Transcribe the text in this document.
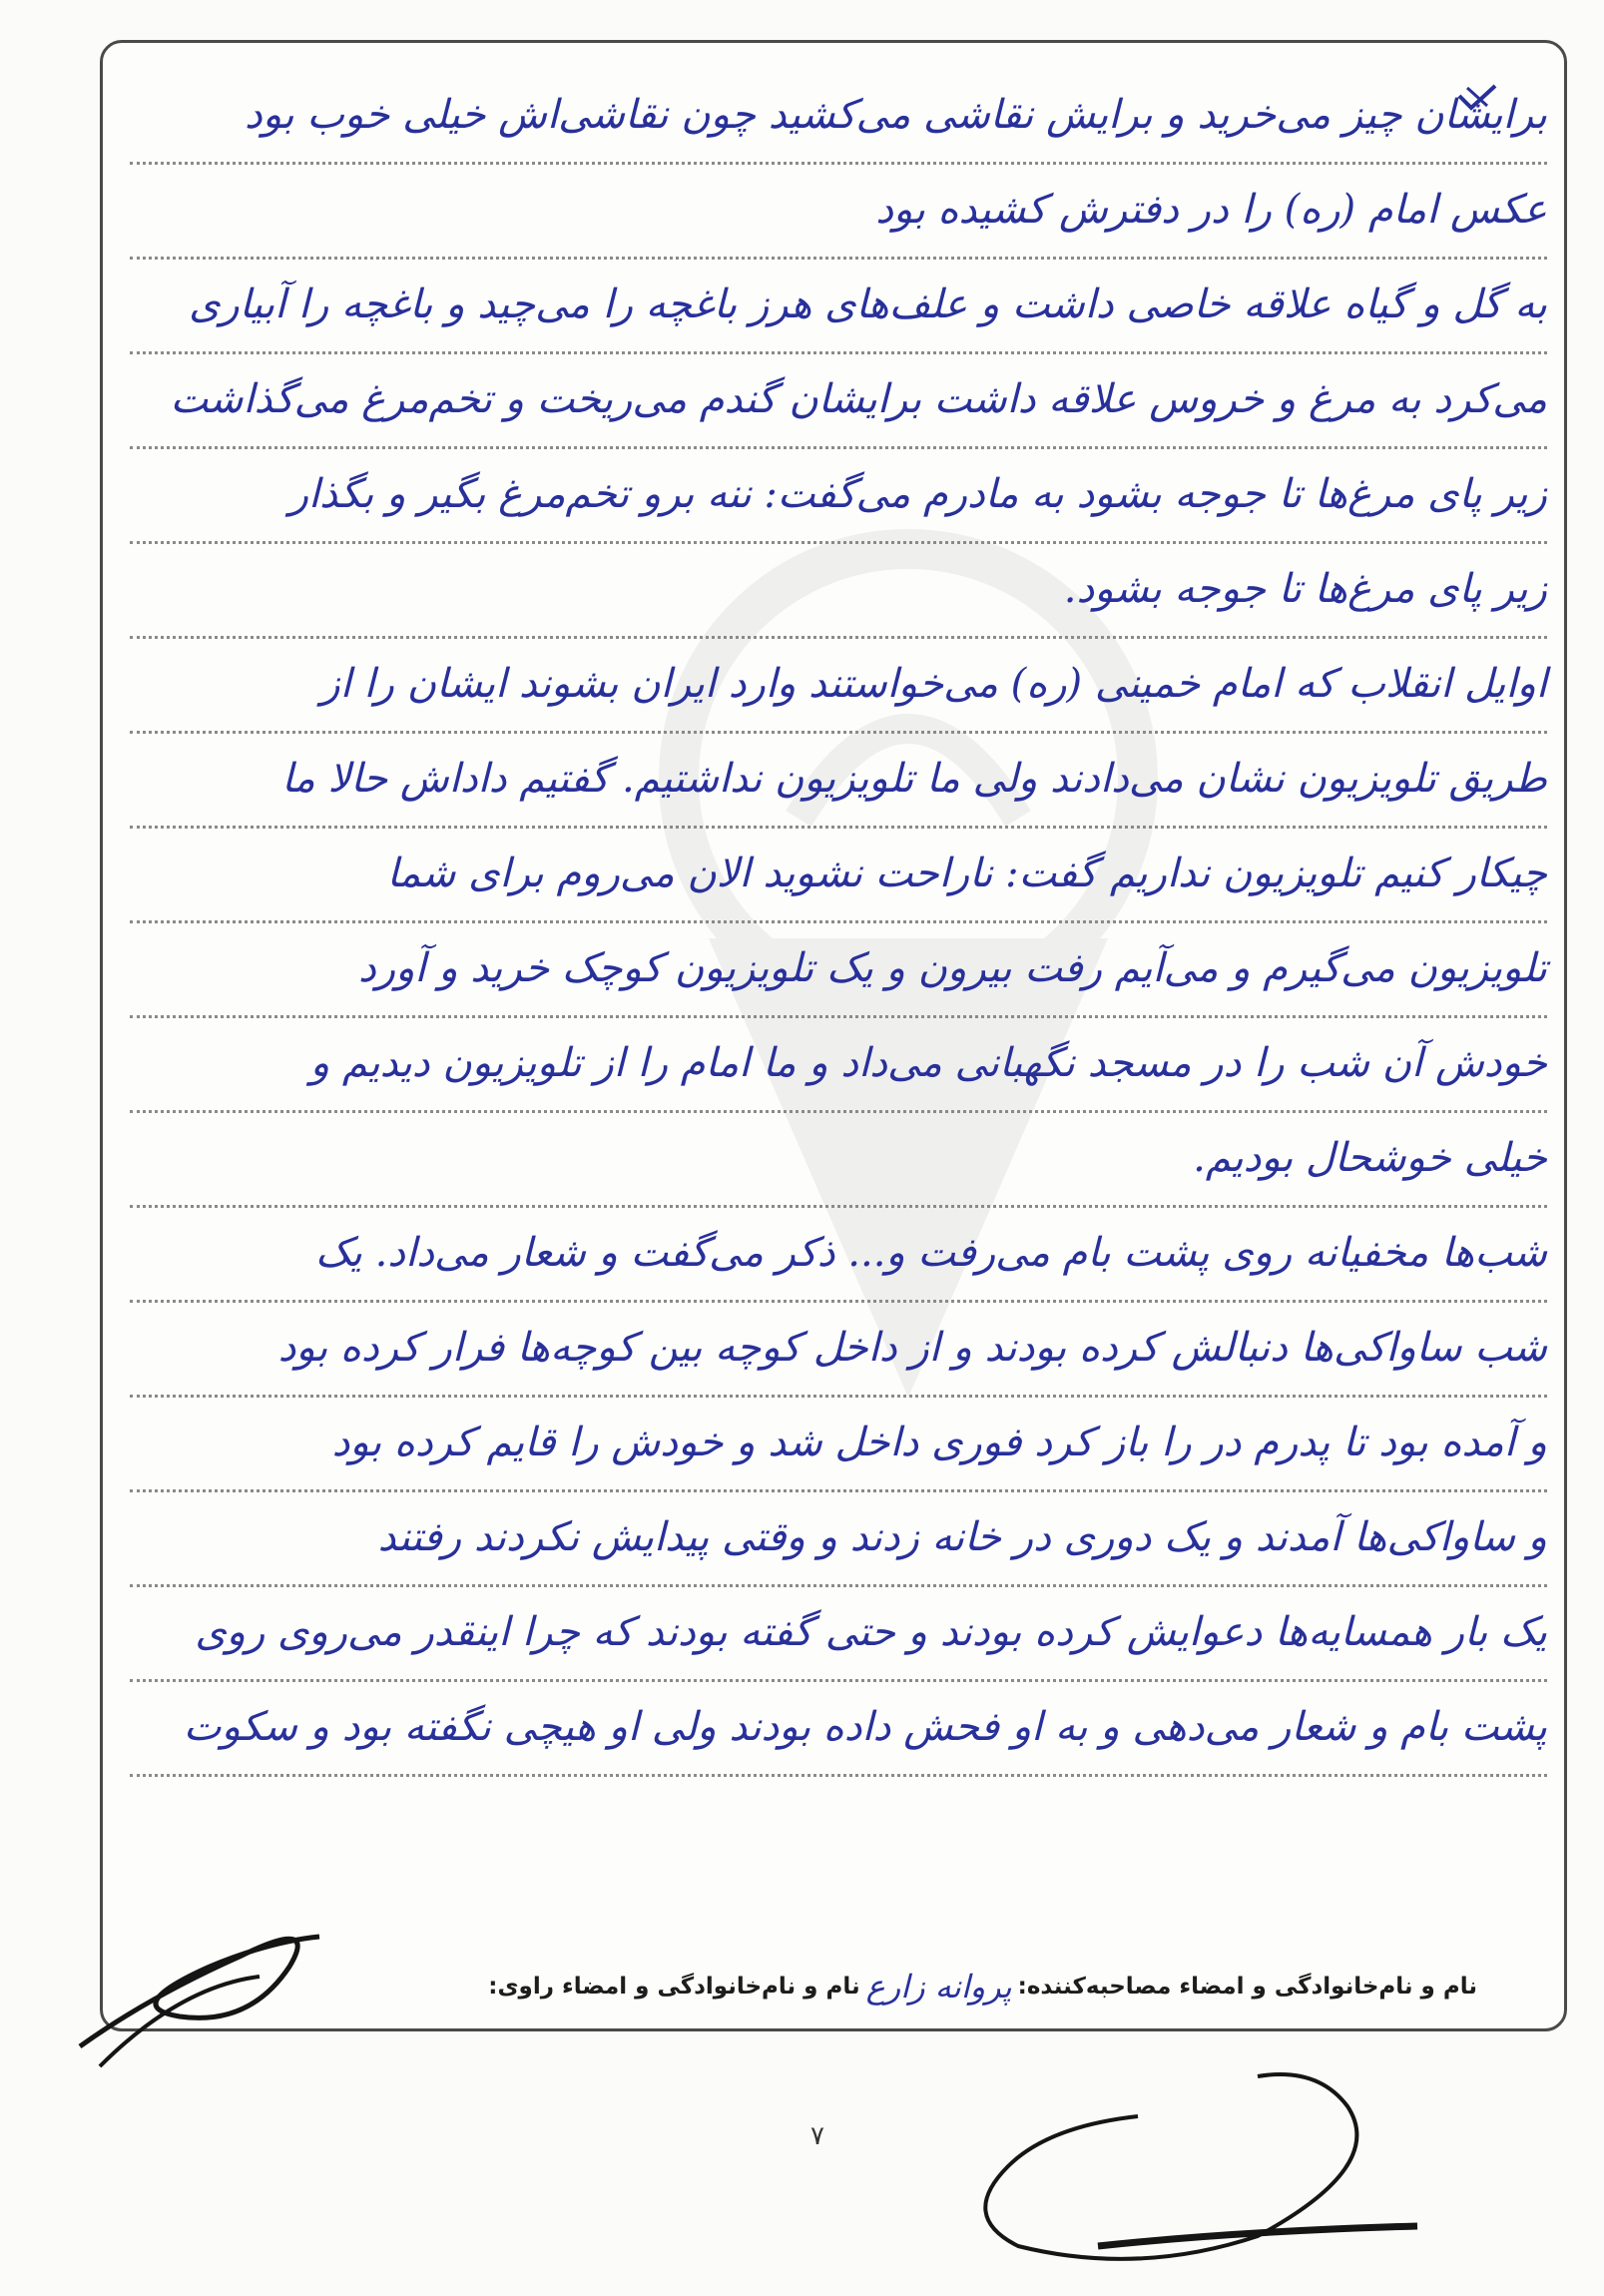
برایشان چیز می‌خرید و برایش نقاشی می‌کشید چون نقاشی‌اش خیلی خوب بود
عکس امام (ره) را در دفترش کشیده بود
به گل و گیاه علاقه خاصی داشت و علف‌های هرز باغچه را می‌چید و باغچه را آبیاری
می‌کرد به مرغ و خروس علاقه داشت برایشان گندم می‌ریخت و تخم‌مرغ می‌گذاشت
زیر پای مرغ‌ها تا جوجه بشود به مادرم می‌گفت: ننه برو تخم‌مرغ بگیر و بگذار
زیر پای مرغ‌ها تا جوجه بشود.
اوایل انقلاب که امام خمینی (ره) می‌خواستند وارد ایران بشوند ایشان را از
طریق تلویزیون نشان می‌دادند ولی ما تلویزیون نداشتیم. گفتیم داداش حالا ما
چیکار کنیم تلویزیون نداریم گفت: ناراحت نشوید الان می‌روم برای شما
تلویزیون می‌گیرم و می‌آیم رفت بیرون و یک تلویزیون کوچک خرید و آورد
خودش آن شب را در مسجد نگهبانی می‌داد و ما امام را از تلویزیون دیدیم و
خیلی خوشحال بودیم.
شب‌ها مخفیانه روی پشت بام می‌رفت و... ذکر می‌گفت و شعار می‌داد. یک
شب ساواکی‌ها دنبالش کرده بودند و از داخل کوچه بین کوچه‌ها فرار کرده بود
و آمده بود تا پدرم در را باز کرد فوری داخل شد و خودش را قایم کرده بود
و ساواکی‌ها آمدند و یک دوری در خانه زدند و وقتی پیدایش نکردند رفتند
یک بار همسایه‌ها دعوایش کرده بودند و حتی گفته بودند که چرا اینقدر می‌روی روی
پشت بام و شعار می‌دهی و به او فحش داده بودند ولی او هیچی نگفته بود و سکوت
نام و نام‌خانوادگی و امضاء مصاحبه‌کننده:
پروانه زارع
نام و نام‌خانوادگی و امضاء راوی:
۷
